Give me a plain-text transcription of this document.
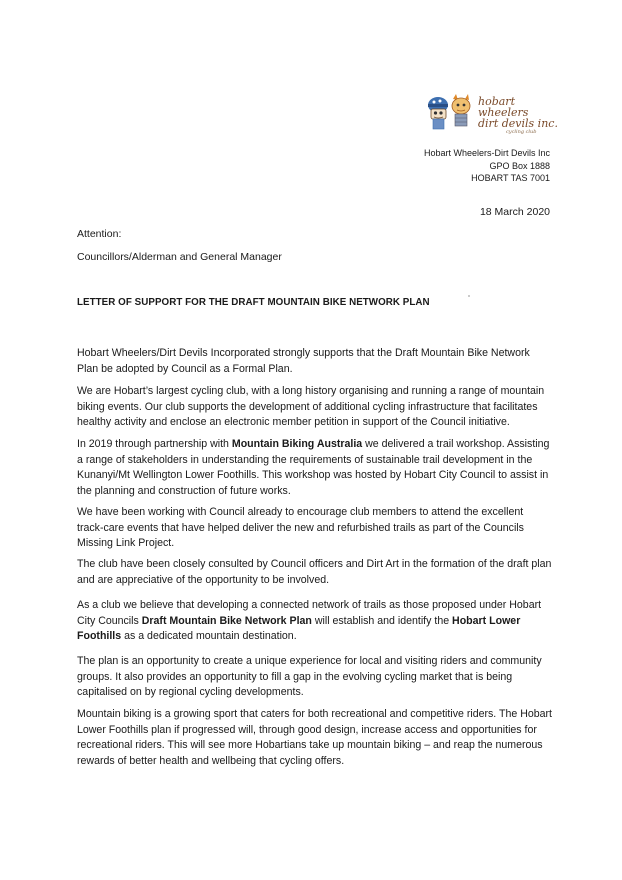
hobart wheelers
dirt devils inc.
cycling club
Hobart Wheelers-Dirt Devils Inc
GPO Box 1888
HOBART TAS 7001
18 March 2020
Attention:
Councillors/Alderman and General Manager
LETTER OF SUPPORT FOR THE DRAFT MOUNTAIN BIKE NETWORK PLAN

Hobart Wheelers/Dirt Devils Incorporated strongly supports that the Draft Mountain Bike Network Plan be adopted by Council as a Formal Plan.

We are Hobart’s largest cycling club, with a long history organising and running a range of mountain biking events. Our club supports the development of additional cycling infrastructure that facilitates healthy activity and enclose an electronic member petition in support of the Council initiative.

In 2019 through partnership with Mountain Biking Australia we delivered a trail workshop. Assisting a range of stakeholders in understanding the requirements of sustainable trail development in the Kunanyi/Mt Wellington Lower Foothills. This workshop was hosted by Hobart City Council to assist in the planning and construction of future works.

We have been working with Council already to encourage club members to attend the excellent track-care events that have helped deliver the new and refurbished trails as part of the Councils Missing Link Project.

The club have been closely consulted by Council officers and Dirt Art in the formation of the draft plan and are appreciative of the opportunity to be involved.

As a club we believe that developing a connected network of trails as those proposed under Hobart City Councils Draft Mountain Bike Network Plan will establish and identify the Hobart Lower Foothills as a dedicated mountain destination.

The plan is an opportunity to create a unique experience for local and visiting riders and community groups. It also provides an opportunity to fill a gap in the evolving cycling market that is being capitalised on by regional cycling developments.

Mountain biking is a growing sport that caters for both recreational and competitive riders. The Hobart Lower Foothills plan if progressed will, through good design, increase access and opportunities for recreational riders. This will see more Hobartians take up mountain biking – and reap the numerous rewards of better health and wellbeing that cycling offers.
